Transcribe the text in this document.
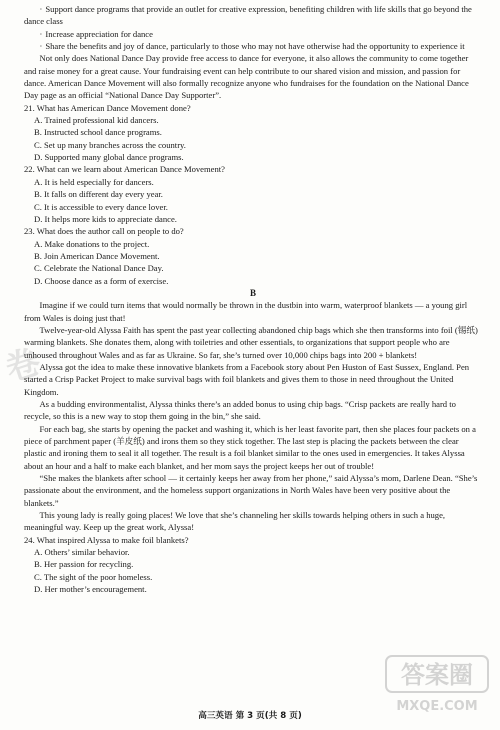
· Support dance programs that provide an outlet for creative expression, benefiting children with life skills that go beyond the dance class

· Increase appreciation for dance

· Share the benefits and joy of dance, particularly to those who may not have otherwise had the opportunity to experience it

Not only does National Dance Day provide free access to dance for everyone, it also allows the community to come together and raise money for a great cause. Your fundraising event can help contribute to our shared vision and mission, and passion for dance. American Dance Movement will also formally recognize anyone who fundraises for the foundation on the National Dance Day page as an official “National Dance Day Supporter”.

21. What has American Dance Movement done?

A. Trained professional kid dancers.

B. Instructed school dance programs.

C. Set up many branches across the country.

D. Supported many global dance programs.

22. What can we learn about American Dance Movement?

A. It is held especially for dancers.

B. It falls on different day every year.

C. It is accessible to every dance lover.

D. It helps more kids to appreciate dance.

23. What does the author call on people to do?

A. Make donations to the project.

B. Join American Dance Movement.

C. Celebrate the National Dance Day.

D. Choose dance as a form of exercise.

B

Imagine if we could turn items that would normally be thrown in the dustbin into warm, waterproof blankets — a young girl from Wales is doing just that!

Twelve-year-old Alyssa Faith has spent the past year collecting abandoned chip bags which she then transforms into foil (锡纸) warming blankets. She donates them, along with toiletries and other essentials, to organizations that support people who are unhoused throughout Wales and as far as Ukraine. So far, she’s turned over 10,000 chips bags into 200 + blankets!

Alyssa got the idea to make these innovative blankets from a Facebook story about Pen Huston of East Sussex, England. Pen started a Crisp Packet Project to make survival bags with foil blankets and gives them to those in need throughout the United Kingdom.

As a budding environmentalist, Alyssa thinks there’s an added bonus to using chip bags. “Crisp packets are really hard to recycle, so this is a new way to stop them going in the bin,” she said.

For each bag, she starts by opening the packet and washing it, which is her least favorite part, then she places four packets on a piece of parchment paper (羊皮纸) and irons them so they stick together. The last step is placing the packets between the clear plastic and ironing them to seal it all together. The result is a foil blanket similar to the ones used in emergencies. It takes Alyssa about an hour and a half to make each blanket, and her mom says the project keeps her out of trouble!

“She makes the blankets after school — it certainly keeps her away from her phone,” said Alyssa’s mom, Darlene Dean. “She’s passionate about the environment, and the homeless support organizations in North Wales have been very positive about the blankets.”

This young lady is really going places! We love that she’s channeling her skills towards helping others in such a huge, meaningful way. Keep up the great work, Alyssa!

24. What inspired Alyssa to make foil blankets?

A. Others’ similar behavior.

B. Her passion for recycling.

C. The sight of the poor homeless.

D. Her mother’s encouragement.

卷
答案圈
MXQE.COM
高三英语 第 3 页(共 8 页)
